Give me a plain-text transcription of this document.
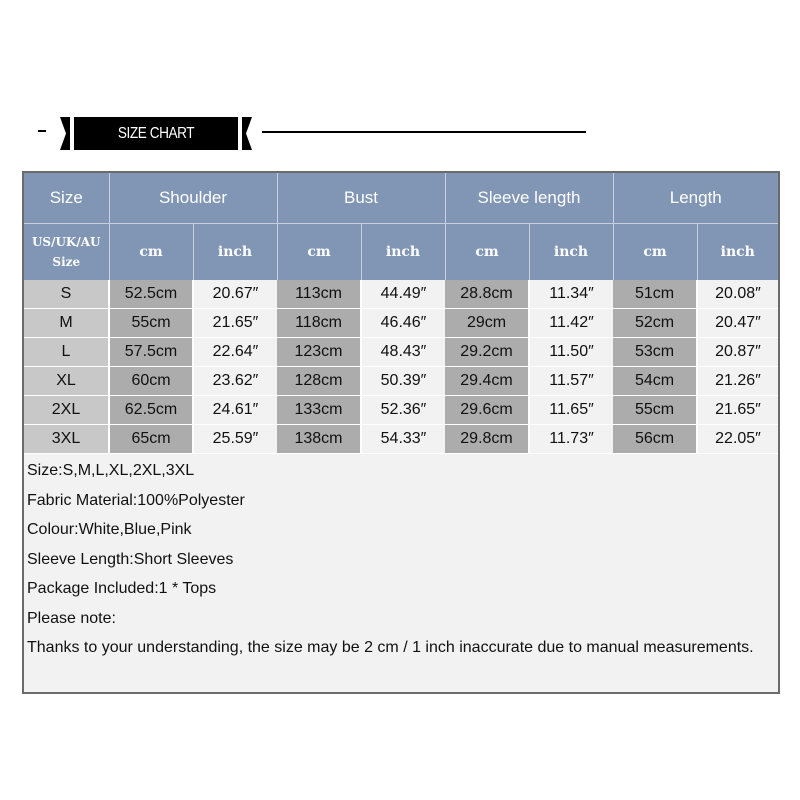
SIZE CHART
Size	Shoulder		Bust		Sleeve length		Length	

US/UK/AU
Size	cm	inch	cm	inch	cm	inch	cm	inch
S	52.5cm	20.67″	113cm	44.49″	28.8cm	11.34″	51cm	20.08″
M	55cm	21.65″	118cm	46.46″	29cm	11.42″	52cm	20.47″
L	57.5cm	22.64″	123cm	48.43″	29.2cm	11.50″	53cm	20.87″
XL	60cm	23.62″	128cm	50.39″	29.4cm	11.57″	54cm	21.26″
2XL	62.5cm	24.61″	133cm	52.36″	29.6cm	11.65″	55cm	21.65″
3XL	65cm	25.59″	138cm	54.33″	29.8cm	11.73″	56cm	22.05″
Size:S,M,L,XL,2XL,3XL
Fabric Material:100%Polyester
Colour:White,Blue,Pink
Sleeve Length:Short Sleeves
Package Included:1 * Tops
Please note:
Thanks to your understanding, the size may be 2 cm / 1 inch inaccurate due to manual measurements.
